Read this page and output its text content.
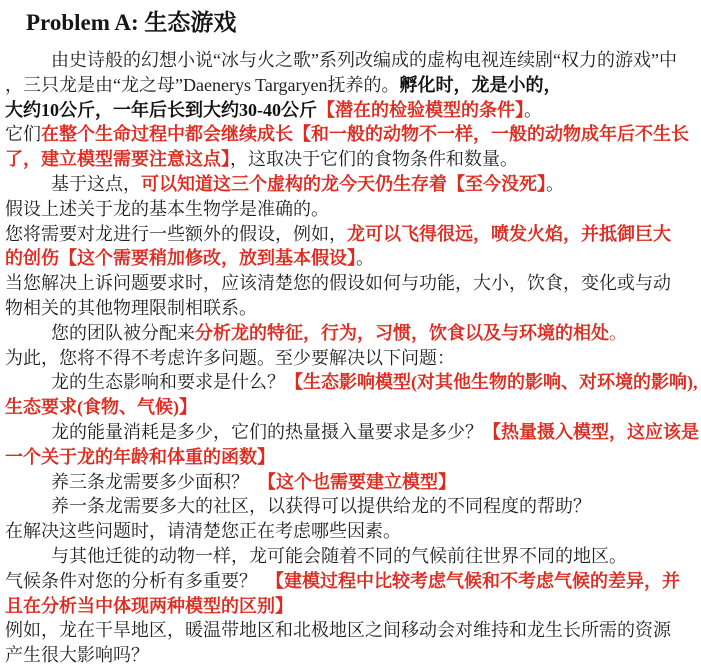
Problem A: 生态游戏
由史诗般的幻想小说“冰与火之歌”系列改编成的虚构电视连续剧“权力的游戏”中
，三只龙是由“龙之母”Daenerys Targaryen抚养的。孵化时，龙是小的，
大约10公斤，一年后长到大约30-40公斤【潜在的检验模型的条件】。
它们在整个生命过程中都会继续成长【和一般的动物不一样，一般的动物成年后不生长
了，建立模型需要注意这点】，这取决于它们的食物条件和数量。
基于这点，可以知道这三个虚构的龙今天仍生存着【至今没死】。
假设上述关于龙的基本生物学是准确的。
您将需要对龙进行一些额外的假设，例如，龙可以飞得很远，喷发火焰，并抵御巨大
的创伤【这个需要稍加修改，放到基本假设】。
当您解决上诉问题要求时，应该清楚您的假设如何与功能，大小，饮食，变化或与动
物相关的其他物理限制相联系。
您的团队被分配来分析龙的特征，行为，习惯，饮食以及与环境的相处。
为此，您将不得不考虑许多问题。至少要解决以下问题：
龙的生态影响和要求是什么？【生态影响模型(对其他生物的影响、对环境的影响),
生态要求(食物、气候)】
龙的能量消耗是多少，它们的热量摄入量要求是多少？【热量摄入模型，这应该是
一个关于龙的年龄和体重的函数】
养三条龙需要多少面积？　【这个也需要建立模型】
养一条龙需要多大的社区，以获得可以提供给龙的不同程度的帮助？
在解决这些问题时，请清楚您正在考虑哪些因素。
与其他迁徙的动物一样，龙可能会随着不同的气候前往世界不同的地区。
气候条件对您的分析有多重要？　【建模过程中比较考虑气候和不考虑气候的差异，并
且在分析当中体现两种模型的区别】
例如，龙在干旱地区，暖温带地区和北极地区之间移动会对维持和龙生长所需的资源
产生很大影响吗？
